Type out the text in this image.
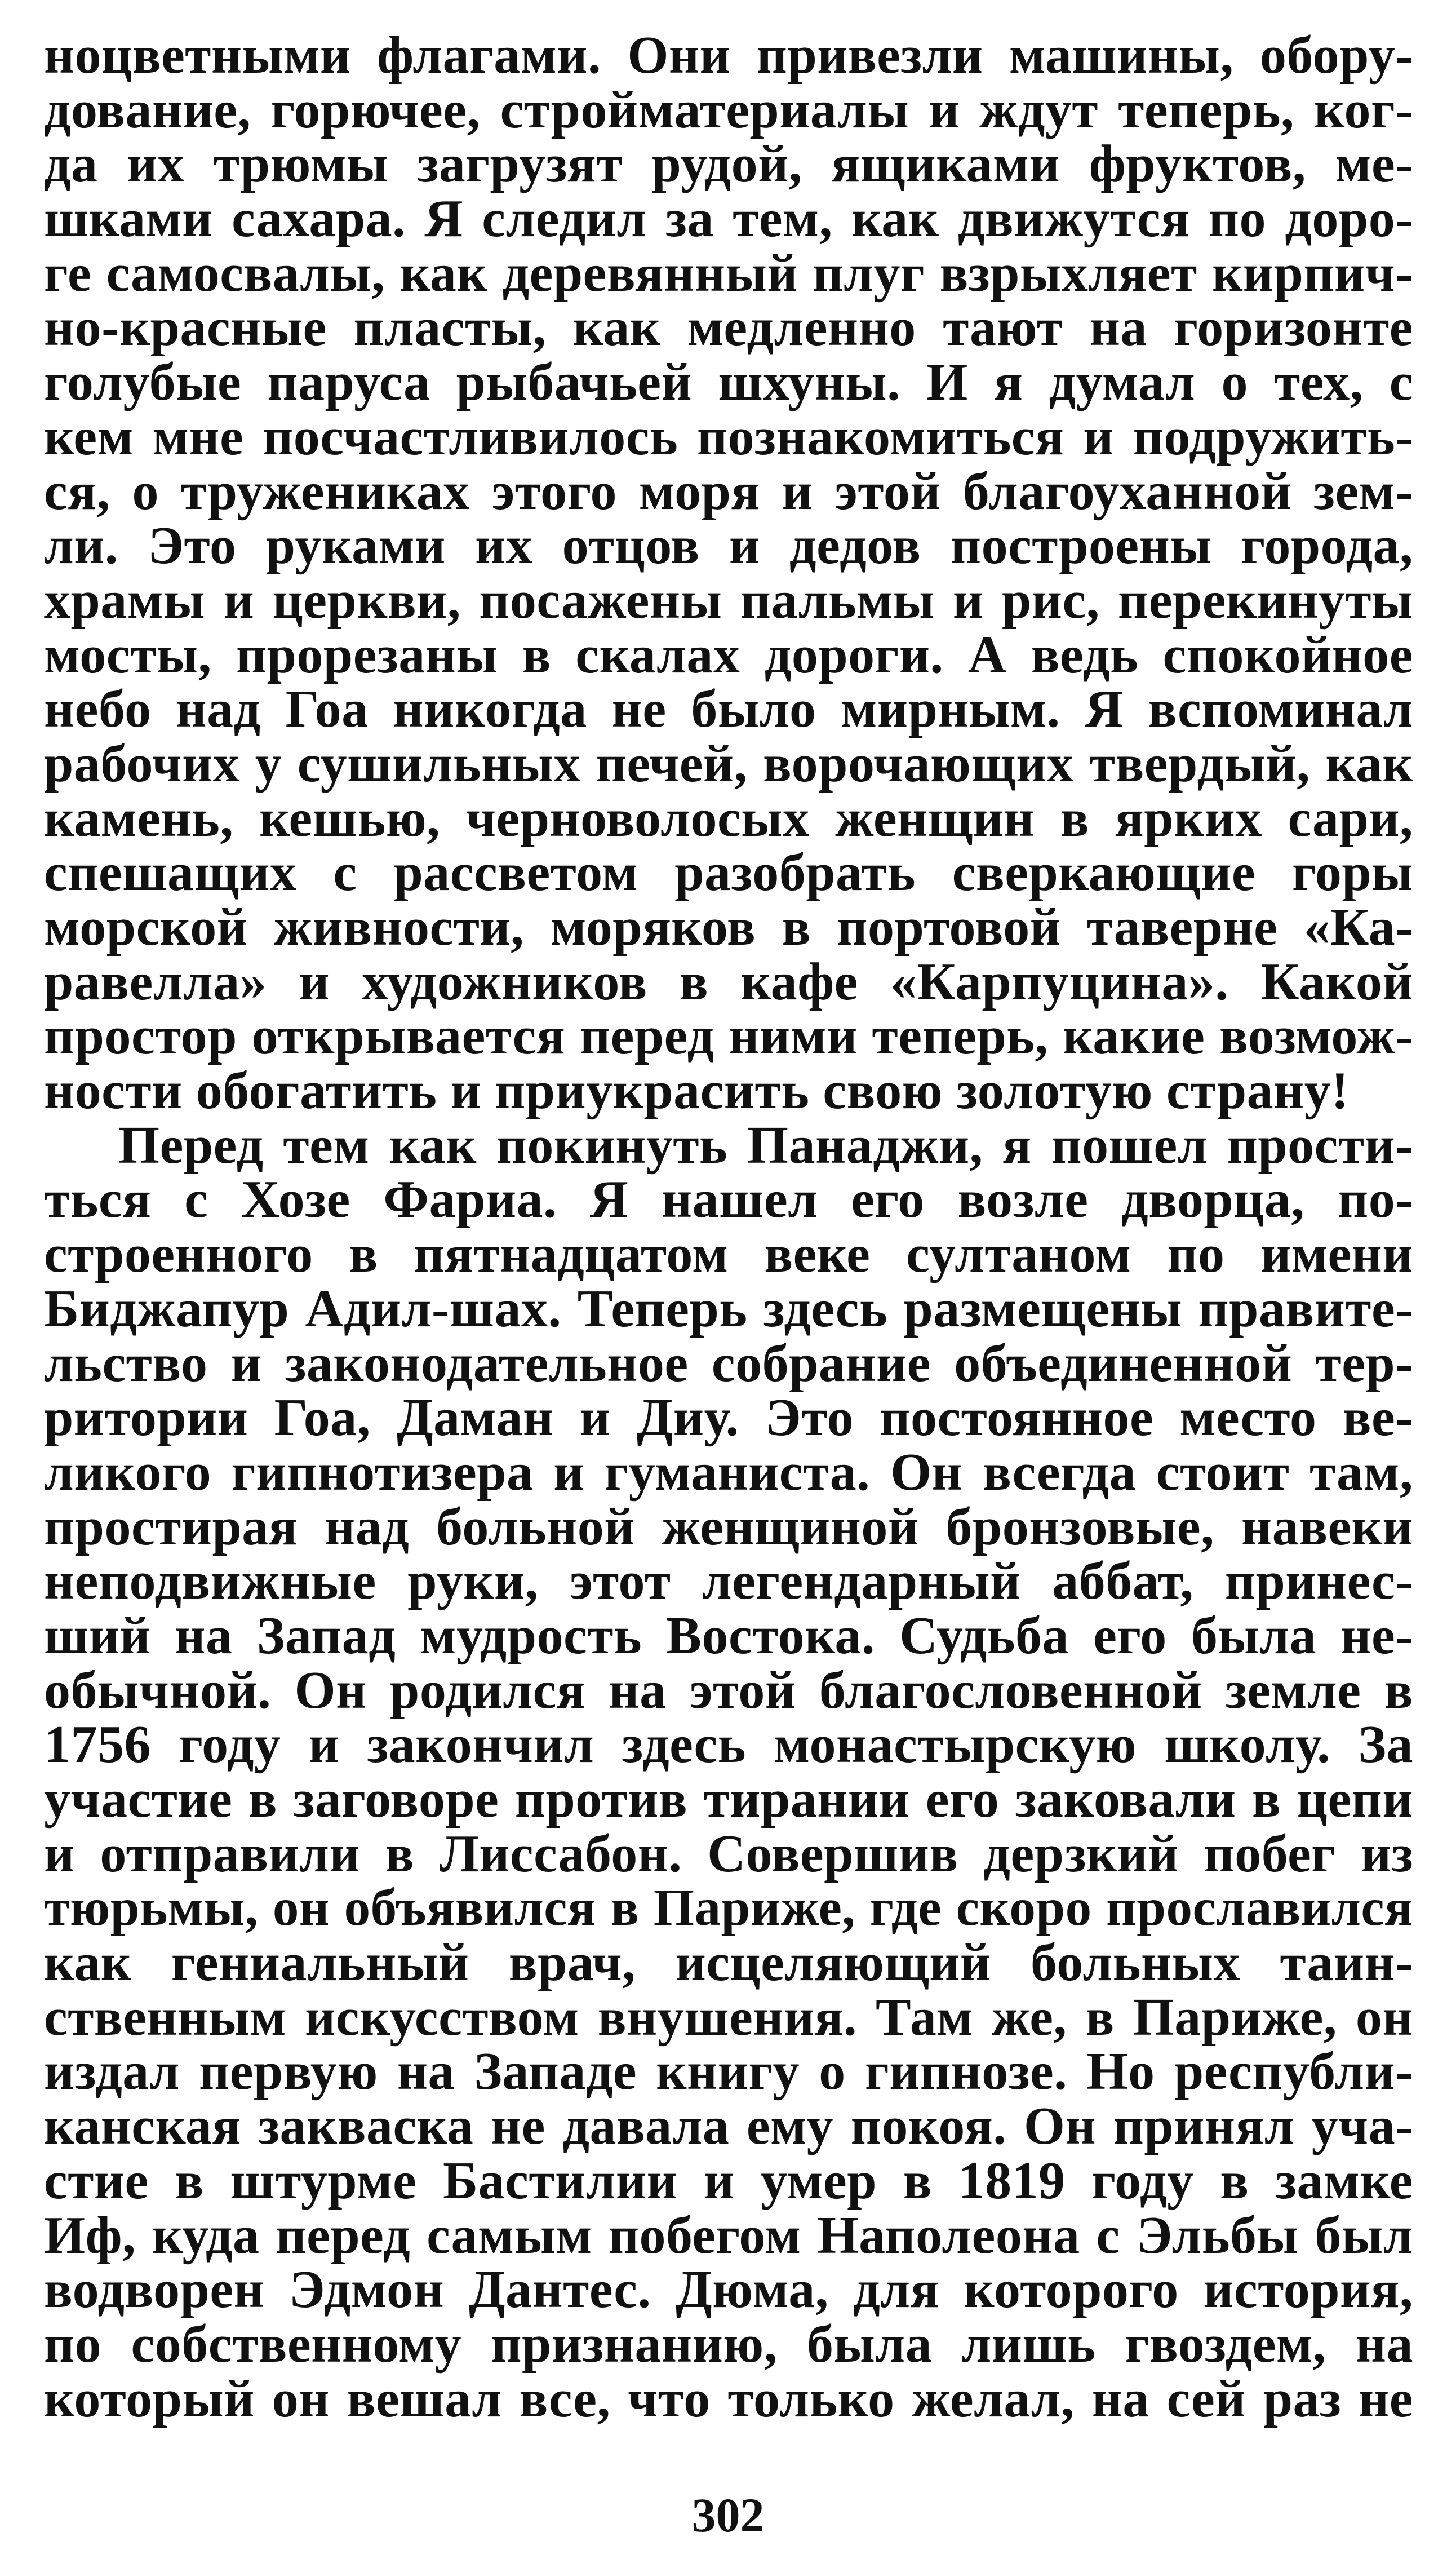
ноцветными флагами. Они привезли машины, обору-
дование, горючее, стройматериалы и ждут теперь, ког-
да их трюмы загрузят рудой, ящиками фруктов, ме-
шками сахара. Я следил за тем, как движутся по доро-
ге самосвалы, как деревянный плуг взрыхляет кирпич-
но-красные пласты, как медленно тают на горизонте
голубые паруса рыбачьей шхуны. И я думал о тех, с
кем мне посчастливилось познакомиться и подружить-
ся, о тружениках этого моря и этой благоуханной зем-
ли. Это руками их отцов и дедов построены города,
храмы и церкви, посажены пальмы и рис, перекинуты
мосты, прорезаны в скалах дороги. А ведь спокойное
небо над Гоа никогда не было мирным. Я вспоминал
рабочих у сушильных печей, ворочающих твердый, как
камень, кешью, черноволосых женщин в ярких сари,
спешащих с рассветом разобрать сверкающие горы
морской живности, моряков в портовой таверне «Ка-
равелла» и художников в кафе «Карпуцина». Какой
простор открывается перед ними теперь, какие возмож-
ности обогатить и приукрасить свою золотую страну!
Перед тем как покинуть Панаджи, я пошел прости-
ться с Хозе Фариа. Я нашел его возле дворца, по-
строенного в пятнадцатом веке султаном по имени
Биджапур Адил-шах. Теперь здесь размещены правите-
льство и законодательное собрание объединенной тер-
ритории Гоа, Даман и Диу. Это постоянное место ве-
ликого гипнотизера и гуманиста. Он всегда стоит там,
простирая над больной женщиной бронзовые, навеки
неподвижные руки, этот легендарный аббат, принес-
ший на Запад мудрость Востока. Судьба его была не-
обычной. Он родился на этой благословенной земле в
1756 году и закончил здесь монастырскую школу. За
участие в заговоре против тирании его заковали в цепи
и отправили в Лиссабон. Совершив дерзкий побег из
тюрьмы, он объявился в Париже, где скоро прославился
как гениальный врач, исцеляющий больных таин-
ственным искусством внушения. Там же, в Париже, он
издал первую на Западе книгу о гипнозе. Но республи-
канская закваска не давала ему покоя. Он принял уча-
стие в штурме Бастилии и умер в 1819 году в замке
Иф, куда перед самым побегом Наполеона с Эльбы был
водворен Эдмон Дантес. Дюма, для которого история,
по собственному признанию, была лишь гвоздем, на
который он вешал все, что только желал, на сей раз не
302
